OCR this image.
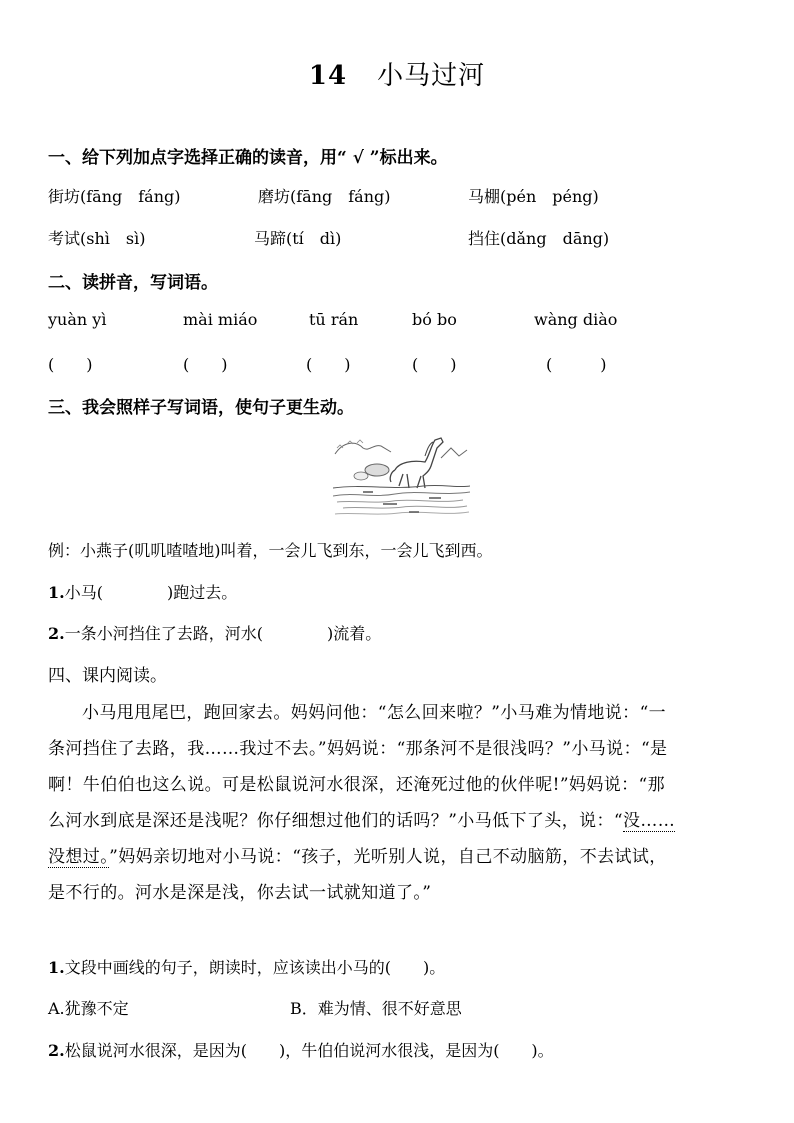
14 小马过河
一、给下列加点字选择正确的读音，用“ √ ”标出来。
街坊(fāng　fáng)	磨坊(fāng　fáng)	马棚(pén　péng)
考试(shì　sì)	马蹄(tí　dì)	挡住(dǎng　dāng)
二、读拼音，写词语。
yuàn yì	mài miáo	tū rán	bó bo	wàng diào
(　　)	(　　)	(　　)	(　　)	(　　　)
三、我会照样子写词语，使句子更生动。
例：小燕子(叽叽喳喳地)叫着，一会儿飞到东，一会儿飞到西。
1.小马(　　　　)跑过去。
2.一条小河挡住了去路，河水(　　　　)流着。
四、课内阅读。
小马甩甩尾巴，跑回家去。妈妈问他：“怎么回来啦？”小马难为情地说：“一
条河挡住了去路，我……我过不去。”妈妈说：“那条河不是很浅吗？”小马说：“是
啊！牛伯伯也这么说。可是松鼠说河水很深，还淹死过他的伙伴呢!”妈妈说：“那
么河水到底是深还是浅呢？你仔细想过他们的话吗？”小马低下了头，说：“没……
没想过。”妈妈亲切地对小马说：“孩子，光听别人说，自己不动脑筋，不去试试，
是不行的。河水是深是浅，你去试一试就知道了。”
1.文段中画线的句子，朗读时，应该读出小马的(　　)。
A.犹豫不定	B．难为情、很不好意思
2.松鼠说河水很深，是因为(　　)，牛伯伯说河水很浅，是因为(　　)。
